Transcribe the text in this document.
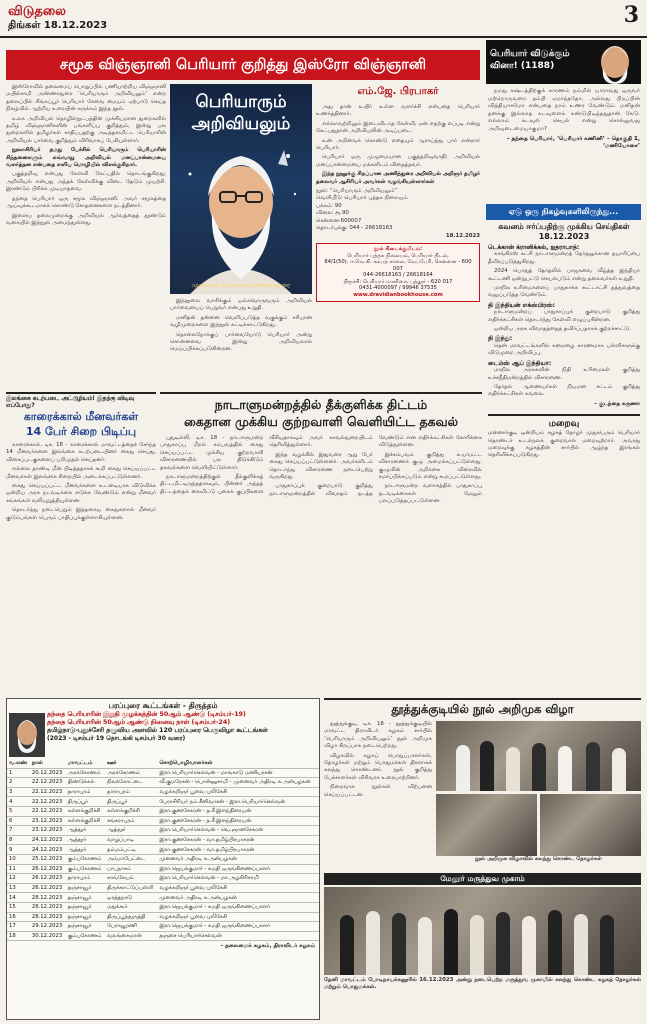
விடுதலை
திங்கள் 18.12.2023	3
சமூக விஞ்ஞானி பெரியார் குறித்து இஸ்ரோ விஞ்ஞானி

இஸ்ரோவில் தலைமைப் பொறுப்பில் பணியாற்றிய விஞ்ஞானி மயில்சாமி அண்ணாதுரை ‘பெரியாரும் அறிவியலும்’ என்ற தலைப்பில் சிங்கப்பூர் பெரியார் சேவை மையம் ஏற்பாடு செய்த நிகழ்வில் ஆற்றிய உரையின் சுருக்கம் இந்த நூல்.

உலக அறிவியல் தொழில்நுட்பத்தின் முக்கியமான துறைகளில் தமிழ் விஞ்ஞானிகளின் பங்களிப்பு குறித்தும், இன்று பல துறைகளில் தமிழர்கள் சாதிப்பதற்கு அடித்தளமிட்ட பெரியாரின் அறிவியல் பார்வை குறித்தும் விரிவாகப் பேசியுள்ளார்.

நூலாசிரியர் தமது பேச்சில் பெரியாரும் பெரியாரின் சிந்தனைகளும் எவ்வாறு அறிவியல் மனப்பான்மையை வளர்த்தன என்பதை எளிய மொழியில் விளக்குகிறார்.

பகுத்தறிவு என்பது கேள்வி கேட்பதில் தொடங்குகிறது; அறிவியல் என்பது அந்தக் கேள்விக்கு விடை தேடும் முயற்சி. இரண்டும் பிரிக்க முடியாதவை.

தந்தை பெரியார் ஒரு சமூக விஞ்ஞானி. அவர் சமூகத்தை ஆய்வுக்கூடமாகக் கொண்டு சோதனைகளை நடத்தினார்.

இளைய தலைமுறைக்கு அறிவியல் ஆர்வத்தைத் தூண்டும் வகையில் இந்நூல் அமைந்துள்ளது.

பெரியாரும்
அறிவியலும்
முனைவர் மயில்சாமி அண்ணாதுரை

இந்நூலை வாசிக்கும் ஒவ்வொருவரும் அறிவியல் பார்வையைப் பெறுவர் என்பது உறுதி.

மனிதன் தன்னை வெளிப்படுத்த வகுக்கும் சரியான வழிமுறைகளை இந்நூல் சுட்டிக்காட்டுகிறது.

தொலைநோக்குப் பார்வையோடு பெரியார் அன்று சொன்னவை இன்று அறிவியலால் மெய்ப்பிக்கப்படுகின்றன.

எம்.ஜே. பிரபாகர்

அது தான் உயிர் உள்ள வளர்ச்சி என்பதை பெரியார் உணர்த்தினார்.

எல்லாவற்றிலும் இடைவிடாத கேள்வி, ஏன் எதற்கு எப்படி என்று கேட்பதுதான் அறிவியலின் அடிப்படை.

உன் அறிவைக் கொண்டு எதையும் ஆராய்ந்து பார் என்றார் பெரியார்.

பெரியார் ஒரு முழுமையான பகுத்தறிவுவாதி; அறிவியல் மனப்பான்மையை மக்களிடம் விதைத்தவர்.

இந்த நூலுக்கு சிறப்பான அணிந்துரை அறிவியல் அறிஞர் தமிழர் தலைவர் ஆசிரியர் அவர்கள் வழங்கியுள்ளார்கள்

நூல்: “பெரியாரும் அறிவியலும்”
வெளியீடு: பெரியார் புத்தக நிலையம்
பக்கம்: 90
விலை: ரூ.90
சென்னை-600007
தொடர்புக்கு: 044 - 26618163
18.12.2023
நூல் கிடைக்குமிடம்:
பெரியார் புத்தக நிலையம், பெரியார் திடல்,
84/1(50), ஈ.வெ.கி. சம்பத் சாலை, வேப்பேரி, சென்னை - 600 007
044-26618163 / 26618164
திருச்சி: பெரியார் மாளிகை, புத்தூர் - 620 017
0431-4000097 / 99946 37535
www.dravidianbookhouse.com
பெரியார் விடுக்கும் வினா! (1188)

நமது கஷ்டத்திற்குக் காரணம் நம்மில் யாராவது ஒருவர் மற்றொருவரை நம்பி ஏமாந்ததோ, அல்லது பிறப்பின் வித்தியாசமோ என்பதை நாம் உணர வேண்டும். மனிதன் தனக்கு இல்லாத கடவுளைக் கண்டுபிடித்ததுதான் கேடு. எல்லாம் கடவுள் செயல் என்று சொல்லுவது அறிவுடைமையாகுமா?

– தந்தை பெரியார், ‘பெரியார் கணினி’ – தொகுதி 1, ‘மணியோசை’
ஏடு ஒரு நிகழ்வுகளிலிருந்து...
கவனம் ஈர்ப்பதிற்கு முக்கிய செய்திகள்
18.12.2023
டெக்கான் க்ரானிக்கல், ஐதராபாத்:

காங்கிரஸ் கட்சி நாடாளுமன்றத் தேர்தலுக்கான தயாரிப்பை தீவிரப்படுத்துகிறது.

2024 பொதுத் தேர்தலில் பாஜகவை வீழ்த்த இந்தியா கூட்டணி ஒன்றுபட்டு செயல்படும் என்று தலைவர்கள் உறுதி.

மாநில உரிமைகளைப் பாதுகாக்க கூட்டாட்சி தத்துவத்தை வலுப்படுத்த வேண்டும்.

தி இந்தியன் எக்ஸ்பிரஸ்:

நாடாளுமன்றப் பாதுகாப்புக் குறைபாடு குறித்து எதிர்க்கட்சிகள் தொடர்ந்து கேள்வி எழுப்புகின்றன.

ஒன்றிய அரசு விவாதத்தைத் தவிர்ப்பதாகக் குற்றச்சாட்டு.

தி இந்து:

தென் மாவட்டங்களில் கனமழை காரணமாக பள்ளிகளுக்கு விடுமுறை அறிவிப்பு.

டைம்ஸ் ஆப் இந்தியா:

மாநில அரசுகளின் நிதி உரிமைகள் குறித்து உச்சநீதிமன்றத்தில் விசாரணை.

தேர்தல் ஆணையர்கள் நியமன சட்டம் குறித்து எதிர்க்கட்சிகள் கவலை.

– குடந்தை கருணா
மறைவு
மன்னார்குடி ஒன்றியம் கழகத் தோழர் முதுபெரும் பெரியார் தொண்டர் உடல்நலக் குறைவால் மறைவுற்றார். அவரது மறைவுக்கு கழகத்தின் சார்பில் ஆழ்ந்த இரங்கல் தெரிவிக்கப்படுகிறது.
இலங்கை கடற்படை அட்டூழியம்! இதற்கு விடிவு எப்போது?
காரைக்கால் மீனவர்கள்
14 பேர் சிறை பிடிப்பு

காரைக்கால், டிச. 18 - காரைக்கால் மாவட்டத்தைச் சேர்ந்த 14 மீனவர்களை இலங்கை கடற்படையினர் கைது செய்து, விசைப்படகுகளைப் பறிமுதல் செய்தனர்.

எல்லை தாண்டி மீன் பிடித்ததாகக் கூறி கைது செய்யப்பட்ட மீனவர்கள் இலங்கை சிறையில் அடைக்கப்பட்டுள்ளனர்.

கைது செய்யப்பட்ட மீனவர்களை உடனடியாக விடுவிக்க ஒன்றிய அரசு நடவடிக்கை எடுக்க வேண்டும் என்று மீனவர் சங்கங்கள் வலியுறுத்தியுள்ளன.

தொடர்ந்து நடைபெறும் இத்தகைய கைதுகளால் மீனவர் குடும்பங்கள் பெரும் பாதிப்புக்குள்ளாகியுள்ளன.

நாடாளுமன்றத்தில் தீக்குளிக்க திட்டம்
கைதான முக்கிய குற்றவாளி வெளியிட்ட தகவல்

புதுடில்லி, டிச. 18 - நாடாளுமன்ற பாதுகாப்பு மீறல் சம்பவத்தில் கைது செய்யப்பட்ட முக்கிய குற்றவாளி விசாரணையில் பல திடுக்கிடும் தகவல்களை வெளியிட்டுள்ளார்.

நாடாளுமன்றத்திற்குள் தீக்குளிக்கத் திட்டமிட்டிருந்ததாகவும், பின்னர் அந்தத் திட்டத்தைக் கைவிட்டு புகைக் குப்பிகளை வீசியதாகவும் அவர் காவல்துறையிடம் தெரிவித்துள்ளார்.

இந்த வழக்கில் இதுவரை ஆறு பேர் கைது செய்யப்பட்டுள்ளனர். அவர்களிடம் தொடர்ந்து விசாரணை நடைபெற்று வருகிறது.

பாதுகாப்புக் குறைபாடு குறித்து நாடாளுமன்றத்தில் விவாதம் நடத்த வேண்டும் என எதிர்க்கட்சிகள் கோரிக்கை விடுத்துள்ளன.

இச்சம்பவம் குறித்து உயர்மட்ட விசாரணைக் குழு அமைக்கப்பட்டுள்ளது. குழுவின் அறிக்கை விரைவில் சமர்ப்பிக்கப்படும் என்று கூறப்பட்டுள்ளது.

நாடாளுமன்ற வளாகத்தில் பாதுகாப்பு நடவடிக்கைகள் மேலும் பலப்படுத்தப்பட்டுள்ளன.

பரப்புரை கூட்டங்கள் - திருத்தம்
தந்தை பெரியாரின் இறுதி முழக்கத்தின் 50ஆம் ஆண்டு (டிசம்பர்-19)
தந்தை பெரியாரின் 50ஆம் ஆண்டு நினைவு நாள் (டிசம்பர்-24)
தமிழ்நாடு-புதுச்சேரி தழுவிய அளவில் 120 பரப்புரை பெருவிழா கூட்டங்கள்
(2023 - டிசம்பர் 19 தொடங்கி டிசம்பர் 30 வரை)
வ.எண்	நாள்	மாவட்டம்	ஊர்	சொற்பொழிவாளர்கள்
1	20.12.2023	அரக்கோணம்	அரக்கோணம்	இரா.பெரியார்செல்வன் - மாங்காடு மணியரசன்
2	22.12.2023	திண்டுக்கல்	நிலக்கோட்டை	வீ.குமரேசன் - பொன்னுசாமி - முனைவர் அதிரடி க.அன்பழகன்
3	22.12.2023	தாராபுரம்	தாராபுரம்	வழக்கறிஞர் பூவை புலிகேசி
4	22.12.2023	திருப்பூர்	திருப்பூர்	பேராசிரியர் நம்.சீனிவாசன் - இரா.பெரியார்செல்வன்
5	22.12.2023	கள்ளக்குறிச்சி	கள்ளக்குறிச்சி	இரா.குணசேகரன் - த.சீ.இளந்திரையன்
6	23.12.2023	கள்ளக்குறிச்சி	சங்கராபுரம்	இரா.குணசேகரன் - த.சீ.இளந்திரையன்
7	23.12.2023	ஆத்தூர்	ஆத்தூர்	இரா.பெரியார்செல்வன் - வெ.ஞானசேகரன்
8	24.12.2023	ஆத்தூர்	வாழப்பாடி	இரா.குணசேகரன் - வா.தமிழ்பிரபாகரன்
9	24.12.2023	ஆத்தூர்	தம்மம்பட்டி	இரா.குணசேகரன் - வா.தமிழ்பிரபாகரன்
10	25.12.2023	கும்பகோணம்	அம்மாபேட்டை	முனைவர் அதிரடி க.அன்பழகன்
11	26.12.2023	கும்பகோணம்	பாபநாசம்	இரா.ஜெயக்குமார் - சுமதி ஒருங்கிணைப்பாளர்
12	26.12.2023	தாராபுரம்	காங்கேயம்	இரா.பெரியார்செல்வன் - மா.அழகிரிசாமி
13	26.12.2023	தஞ்சாவூர்	திருக்காட்டுப்பள்ளி	வழக்கறிஞர் பூவை புலிகேசி
14	28.12.2023	தஞ்சாவூர்	ஒரத்தநாடு	முனைவர் அதிரடி க.அன்பழகன்
15	28.12.2023	தஞ்சாவூர்	மதுக்கூர்	இரா.ஜெயக்குமார் - சுமதி ஒருங்கிணைப்பாளர்
16	28.12.2023	தஞ்சாவூர்	திருப்பூந்துருத்தி	வழக்கறிஞர் பூவை புலிகேசி
17	29.12.2023	தஞ்சாவூர்	பேராவூரணி	இரா.ஜெயக்குமார் - சுமதி ஒருங்கிணைப்பாளர்
18	30.12.2023	கும்பகோணம்	வலங்கைமான்	தஞ்சை பெரியார்செல்வன்
– தலைமைக் கழகம், திராவிடர் கழகம்
தூத்துக்குடியில் நூல் அறிமுக விழா

தூத்துக்குடி, டிச. 18 - தூத்துக்குடியில் மாவட்ட திராவிடர் கழகம் சார்பில் ‘பெரியாரும் அறிவியலும்’ நூல் அறிமுக விழா சிறப்பாக நடைபெற்றது.

விழாவில் கழகப் பொறுப்பாளர்கள், தோழர்கள் மற்றும் பொதுமக்கள் திரளாகக் கலந்து கொண்டனர். நூல் குறித்து பேச்சாளர்கள் விரிவாக உரையாற்றினர்.

நிறைவாக நூல்கள் விற்பனை செய்யப்பட்டன.

நூல் அறிமுக விழாவில் கலந்து கொண்ட தோழர்கள்
மேலூர் மருத்துவ முகாம்
தேனி மாவட்டம் போடிநாயக்கனூரில் 16.12.2023 அன்று நடைபெற்ற மருத்துவ முகாமில் கலந்து கொண்ட கழகத் தோழர்கள் மற்றும் பொதுமக்கள்.
